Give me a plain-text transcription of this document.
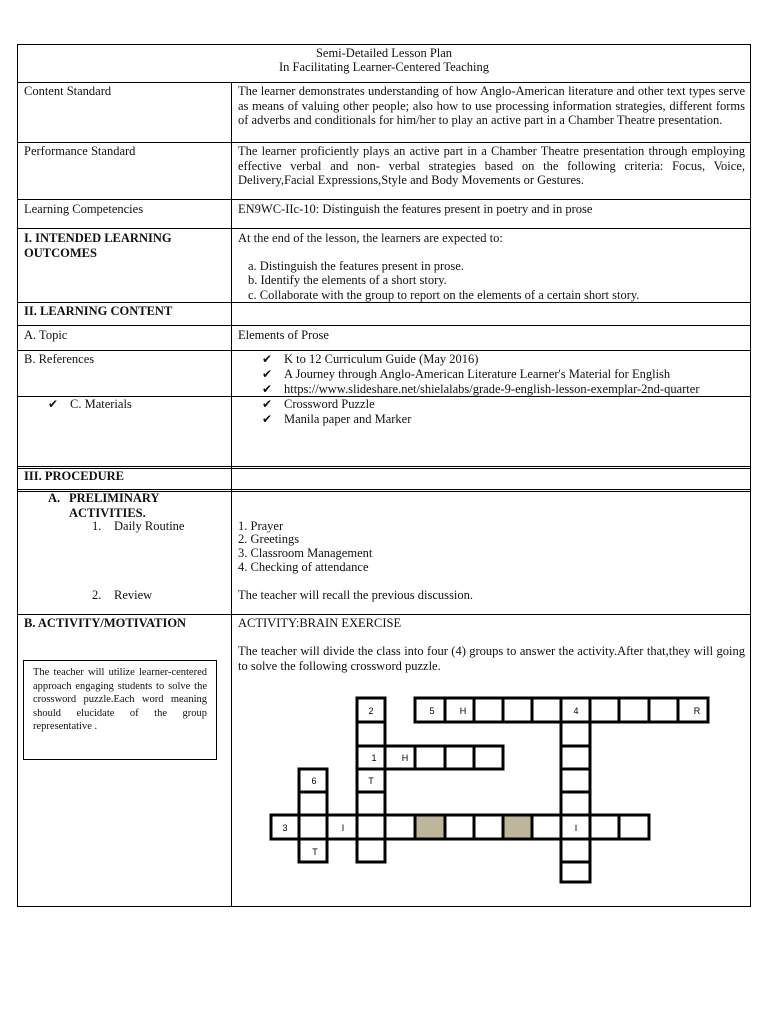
Semi-Detailed Lesson Plan
In Facilitating Learner-Centered Teaching
Content Standard	The learner demonstrates understanding of how Anglo-American literature and other text types serve as means of valuing other people; also how to use processing information strategies, different forms of adverbs and conditionals for him/her to play an active part in a Chamber Theatre presentation.
Performance Standard	The learner proficiently plays an active part in a Chamber Theatre presentation through employing effective verbal and non- verbal strategies based on the following criteria: Focus, Voice, Delivery,Facial Expressions,Style and Body Movements or Gestures.
Learning Competencies	EN9WC-IIc-10: Distinguish the features present in poetry and in prose
I. INTENDED LEARNING OUTCOMES
At the end of the lesson, the learners are expected to:
a. Distinguish the features present in prose.
b. Identify the elements of a short story.
c. Collaborate with the group to report on the elements of a certain short story.
II. LEARNING CONTENT
A. Topic	Elements of Prose
B. References	✔ K to 12 Curriculum Guide (May 2016)
✔ A Journey through Anglo-American Literature Learner's Material for English
✔ https://www.slideshare.net/shielalabs/grade-9-english-lesson-exemplar-2nd-quarter
✔ C. Materials	✔ Crossword Puzzle
✔ Manila paper and Marker
III. PROCEDURE
A. PRELIMINARY ACTIVITIES.
1. Daily Routine	1. Prayer
2. Greetings
3. Classroom Management
4. Checking of attendance
2. Review	The teacher will recall the previous discussion.
B. ACTIVITY/MOTIVATION	ACTIVITY:BRAIN EXERCISE
The teacher will divide the class into four (4) groups to answer the activity.After that,they will going to solve the following crossword puzzle.
The teacher will utilize learner-centered approach engaging students to solve the crossword puzzle.Each word meaning should elucidate of the group representative .
2	5	4
1
6
3
H	R
H
T
I	I
T
